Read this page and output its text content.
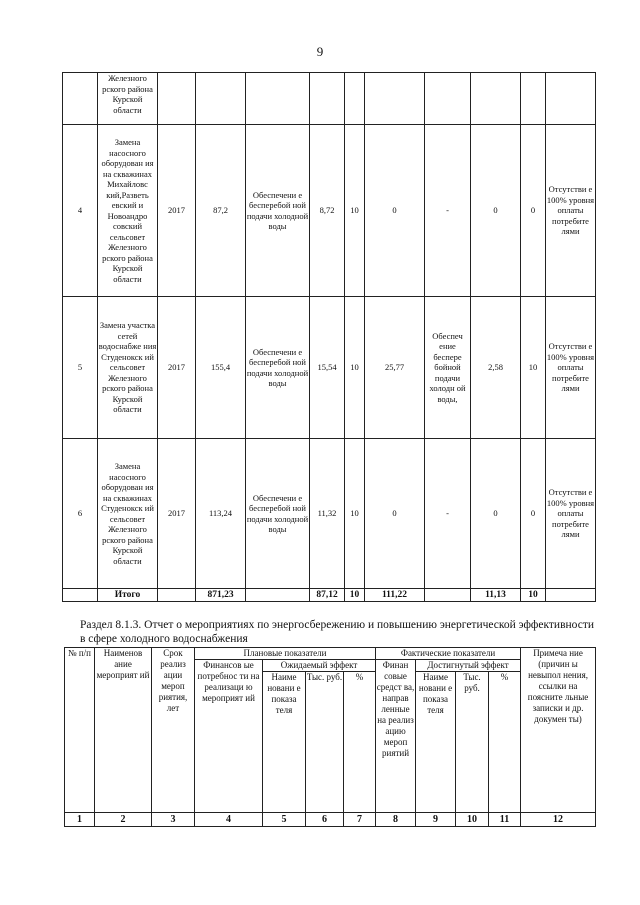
9
	Железного рского района Курской области										
4	Замена насосного оборудован ия на скважинах Михайловс кий,Разветь евский и Новоандро совский сельсовет Железного рского района Курской области	2017	87,2	Обеспечени е бесперебой ной подачи холодной воды	8,72	10	0	-	0	0	Отсутстви е 100% уровня оплаты потребите лями
5	Замена участка сетей водоснабже ния Студенокск ий сельсовет Железного рского района Курской области	2017	155,4	Обеспечени е бесперебой ной подачи холодной воды	15,54	10	25,77	Обеспеч ение беспере бойной подачи холодн ой воды,	2,58	10	Отсутстви е 100% уровня оплаты потребите лями
6	Замена насосного оборудован ия на скважинах Студенокск ий сельсовет Железного рского района Курской области	2017	113,24	Обеспечени е бесперебой ной подачи холодной воды	11,32	10	0	-	0	0	Отсутстви е 100% уровня оплаты потребите лями
	Итого		871,23		87,12	10	111,22		11,13	10	
Раздел 8.1.3. Отчет о мероприятиях по энергосбережению и повышению энергетической эффективности в сфере холодного водоснабжения
№ п/п	Наименов ание мероприят ий	Срок реализ ации мероп риятия, лет	Плановые показатели				Фактические показатели				Примеча ние (причин ы невыпол нения, ссылки на поясните льные записки и др. докумен ты)
			Финансов ые потребнос ти на реализаци ю мероприят ий	Ожидаемый эффект			Финан совые средст ва, направ ленные на реализ ацию мероп риятий	Достигнутый эффект			
				Наиме новани е показа теля	Тыс. руб.	%		Наиме новани е показа теля	Тыс. руб.	%	
1	2	3	4	5	6	7	8	9	10	11	12
